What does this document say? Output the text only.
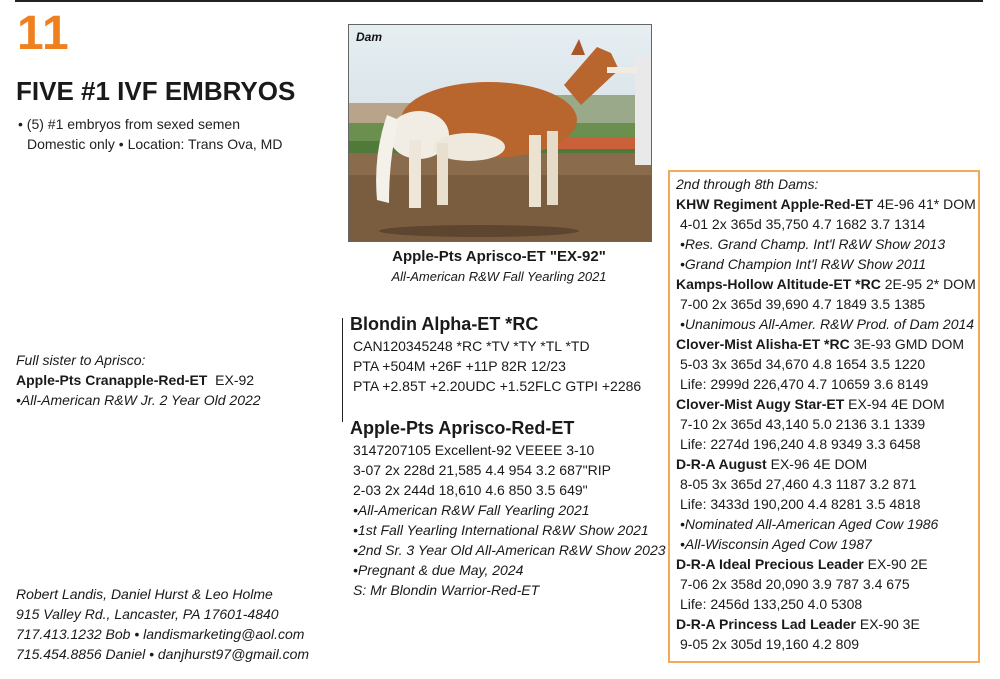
11
FIVE #1 IVF EMBRYOS
• (5) #1 embryos from sexed semen
Domestic only • Location: Trans Ova, MD
Dam
Apple-Pts Aprisco-ET "EX-92"
All-American R&W Fall Yearling 2021
Blondin Alpha-ET *RC
CAN120345248 *RC *TV *TY *TL *TD
PTA +504M +26F +11P 82R 12/23
PTA +2.85T +2.20UDC +1.52FLC GTPI +2286
Apple-Pts Aprisco-Red-ET
3147207105 Excellent-92 VEEEE 3-10
3-07 2x 228d 21,585 4.4 954 3.2 687"RIP
2-03 2x 244d 18,610 4.6 850 3.5 649"
•All-American R&W Fall Yearling 2021
•1st Fall Yearling International R&W Show 2021
•2nd Sr. 3 Year Old All-American R&W Show 2023
•Pregnant & due May, 2024
S: Mr Blondin Warrior-Red-ET
Full sister to Aprisco:
Apple-Pts Cranapple-Red-ET EX-92
•All-American R&W Jr. 2 Year Old 2022
Robert Landis, Daniel Hurst & Leo Holme
915 Valley Rd., Lancaster, PA 17601-4840
717.413.1232 Bob • landismarketing@aol.com
715.454.8856 Daniel • danjhurst97@gmail.com
2nd through 8th Dams:
KHW Regiment Apple-Red-ET 4E-96 41* DOM
4-01 2x 365d 35,750 4.7 1682 3.7 1314
•Res. Grand Champ. Int'l R&W Show 2013
•Grand Champion Int'l R&W Show 2011
Kamps-Hollow Altitude-ET *RC 2E-95 2* DOM
7-00 2x 365d 39,690 4.7 1849 3.5 1385
•Unanimous All-Amer. R&W Prod. of Dam 2014
Clover-Mist Alisha-ET *RC 3E-93 GMD DOM
5-03 3x 365d 34,670 4.8 1654 3.5 1220
Life: 2999d 226,470 4.7 10659 3.6 8149
Clover-Mist Augy Star-ET EX-94 4E DOM
7-10 2x 365d 43,140 5.0 2136 3.1 1339
Life: 2274d 196,240 4.8 9349 3.3 6458
D-R-A August EX-96 4E DOM
8-05 3x 365d 27,460 4.3 1187 3.2 871
Life: 3433d 190,200 4.4 8281 3.5 4818
•Nominated All-American Aged Cow 1986
•All-Wisconsin Aged Cow 1987
D-R-A Ideal Precious Leader EX-90 2E
7-06 2x 358d 20,090 3.9 787 3.4 675
Life: 2456d 133,250 4.0 5308
D-R-A Princess Lad Leader EX-90 3E
9-05 2x 305d 19,160 4.2 809
